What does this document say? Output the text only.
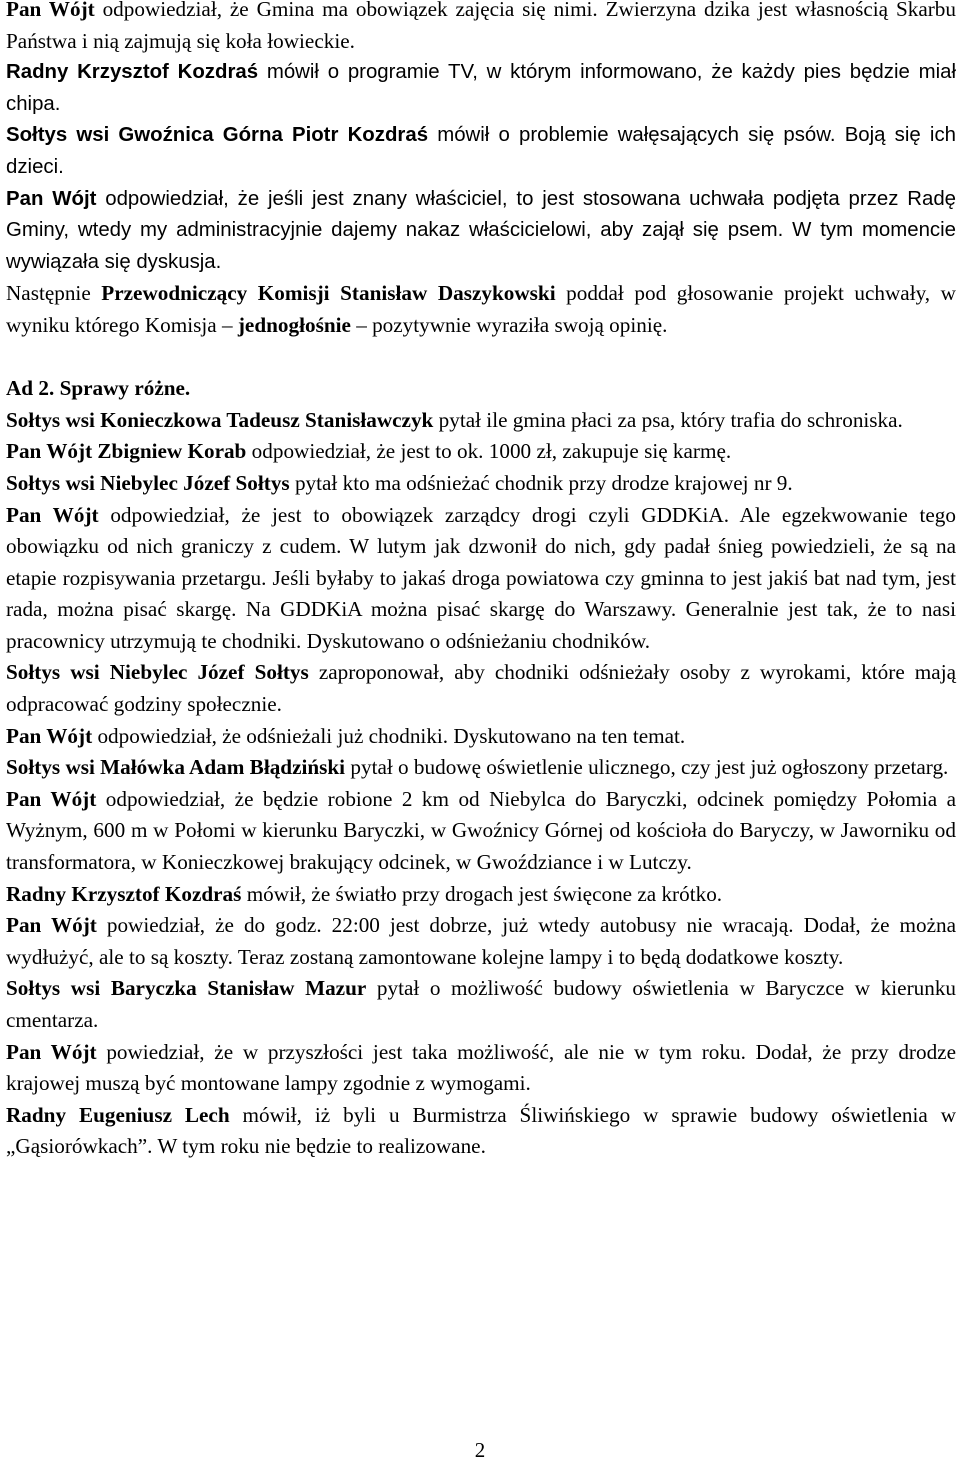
Pan Wójt odpowiedział, że Gmina ma obowiązek zajęcia się nimi. Zwierzyna dzika jest własnością Skarbu Państwa i nią zajmują się koła łowieckie.

Radny Krzysztof Kozdraś mówił o programie TV, w którym informowano, że każdy pies będzie miał chipa.

Sołtys wsi Gwoźnica Górna Piotr Kozdraś mówił o problemie wałęsających się psów. Boją się ich dzieci.

Pan Wójt odpowiedział, że jeśli jest znany właściciel, to jest stosowana uchwała podjęta przez Radę Gminy, wtedy my administracyjnie dajemy nakaz właścicielowi, aby zajął się psem. W tym momencie wywiązała się dyskusja.

Następnie Przewodniczący Komisji Stanisław Daszykowski poddał pod głosowanie projekt uchwały, w wyniku którego Komisja – jednogłośnie – pozytywnie wyraziła swoją opinię.

Ad 2. Sprawy różne.

Sołtys wsi Konieczkowa Tadeusz Stanisławczyk pytał ile gmina płaci za psa, który trafia do schroniska.

Pan Wójt Zbigniew Korab odpowiedział, że jest to ok. 1000 zł, zakupuje się karmę.

Sołtys wsi Niebylec Józef Sołtys pytał kto ma odśnieżać chodnik przy drodze krajowej nr 9.

Pan Wójt odpowiedział, że jest to obowiązek zarządcy drogi czyli GDDKiA. Ale egzekwowanie tego obowiązku od nich graniczy z cudem. W lutym jak dzwonił do nich, gdy padał śnieg powiedzieli, że są na etapie rozpisywania przetargu. Jeśli byłaby to jakaś droga powiatowa czy gminna to jest jakiś bat nad tym, jest rada, można pisać skargę. Na GDDKiA można pisać skargę do Warszawy. Generalnie jest tak, że to nasi pracownicy utrzymują te chodniki. Dyskutowano o odśnieżaniu chodników.

Sołtys wsi Niebylec Józef Sołtys zaproponował, aby chodniki odśnieżały osoby z wyrokami, które mają odpracować godziny społecznie.

Pan Wójt odpowiedział, że odśnieżali już chodniki. Dyskutowano na ten temat.

Sołtys wsi Małówka Adam Błądziński pytał o budowę oświetlenie ulicznego, czy jest już ogłoszony przetarg.

Pan Wójt odpowiedział, że będzie robione 2 km od Niebylca do Baryczki, odcinek pomiędzy Połomia a Wyżnym, 600 m w Połomi w kierunku Baryczki, w Gwoźnicy Górnej od kościoła do Baryczy, w Jaworniku od transformatora, w Konieczkowej brakujący odcinek, w Gwoździance i w Lutczy.

Radny Krzysztof Kozdraś mówił, że światło przy drogach jest święcone za krótko.

Pan Wójt powiedział, że do godz. 22:00 jest dobrze, już wtedy autobusy nie wracają. Dodał, że można wydłużyć, ale to są koszty. Teraz zostaną zamontowane kolejne lampy i to będą dodatkowe koszty.

Sołtys wsi Baryczka Stanisław Mazur pytał o możliwość budowy oświetlenia w Baryczce w kierunku cmentarza.

Pan Wójt powiedział, że w przyszłości jest taka możliwość, ale nie w tym roku. Dodał, że przy drodze krajowej muszą być montowane lampy zgodnie z wymogami.

Radny Eugeniusz Lech mówił, iż byli u Burmistrza Śliwińskiego w sprawie budowy oświetlenia w „Gąsiorówkach”. W tym roku nie będzie to realizowane.

2
